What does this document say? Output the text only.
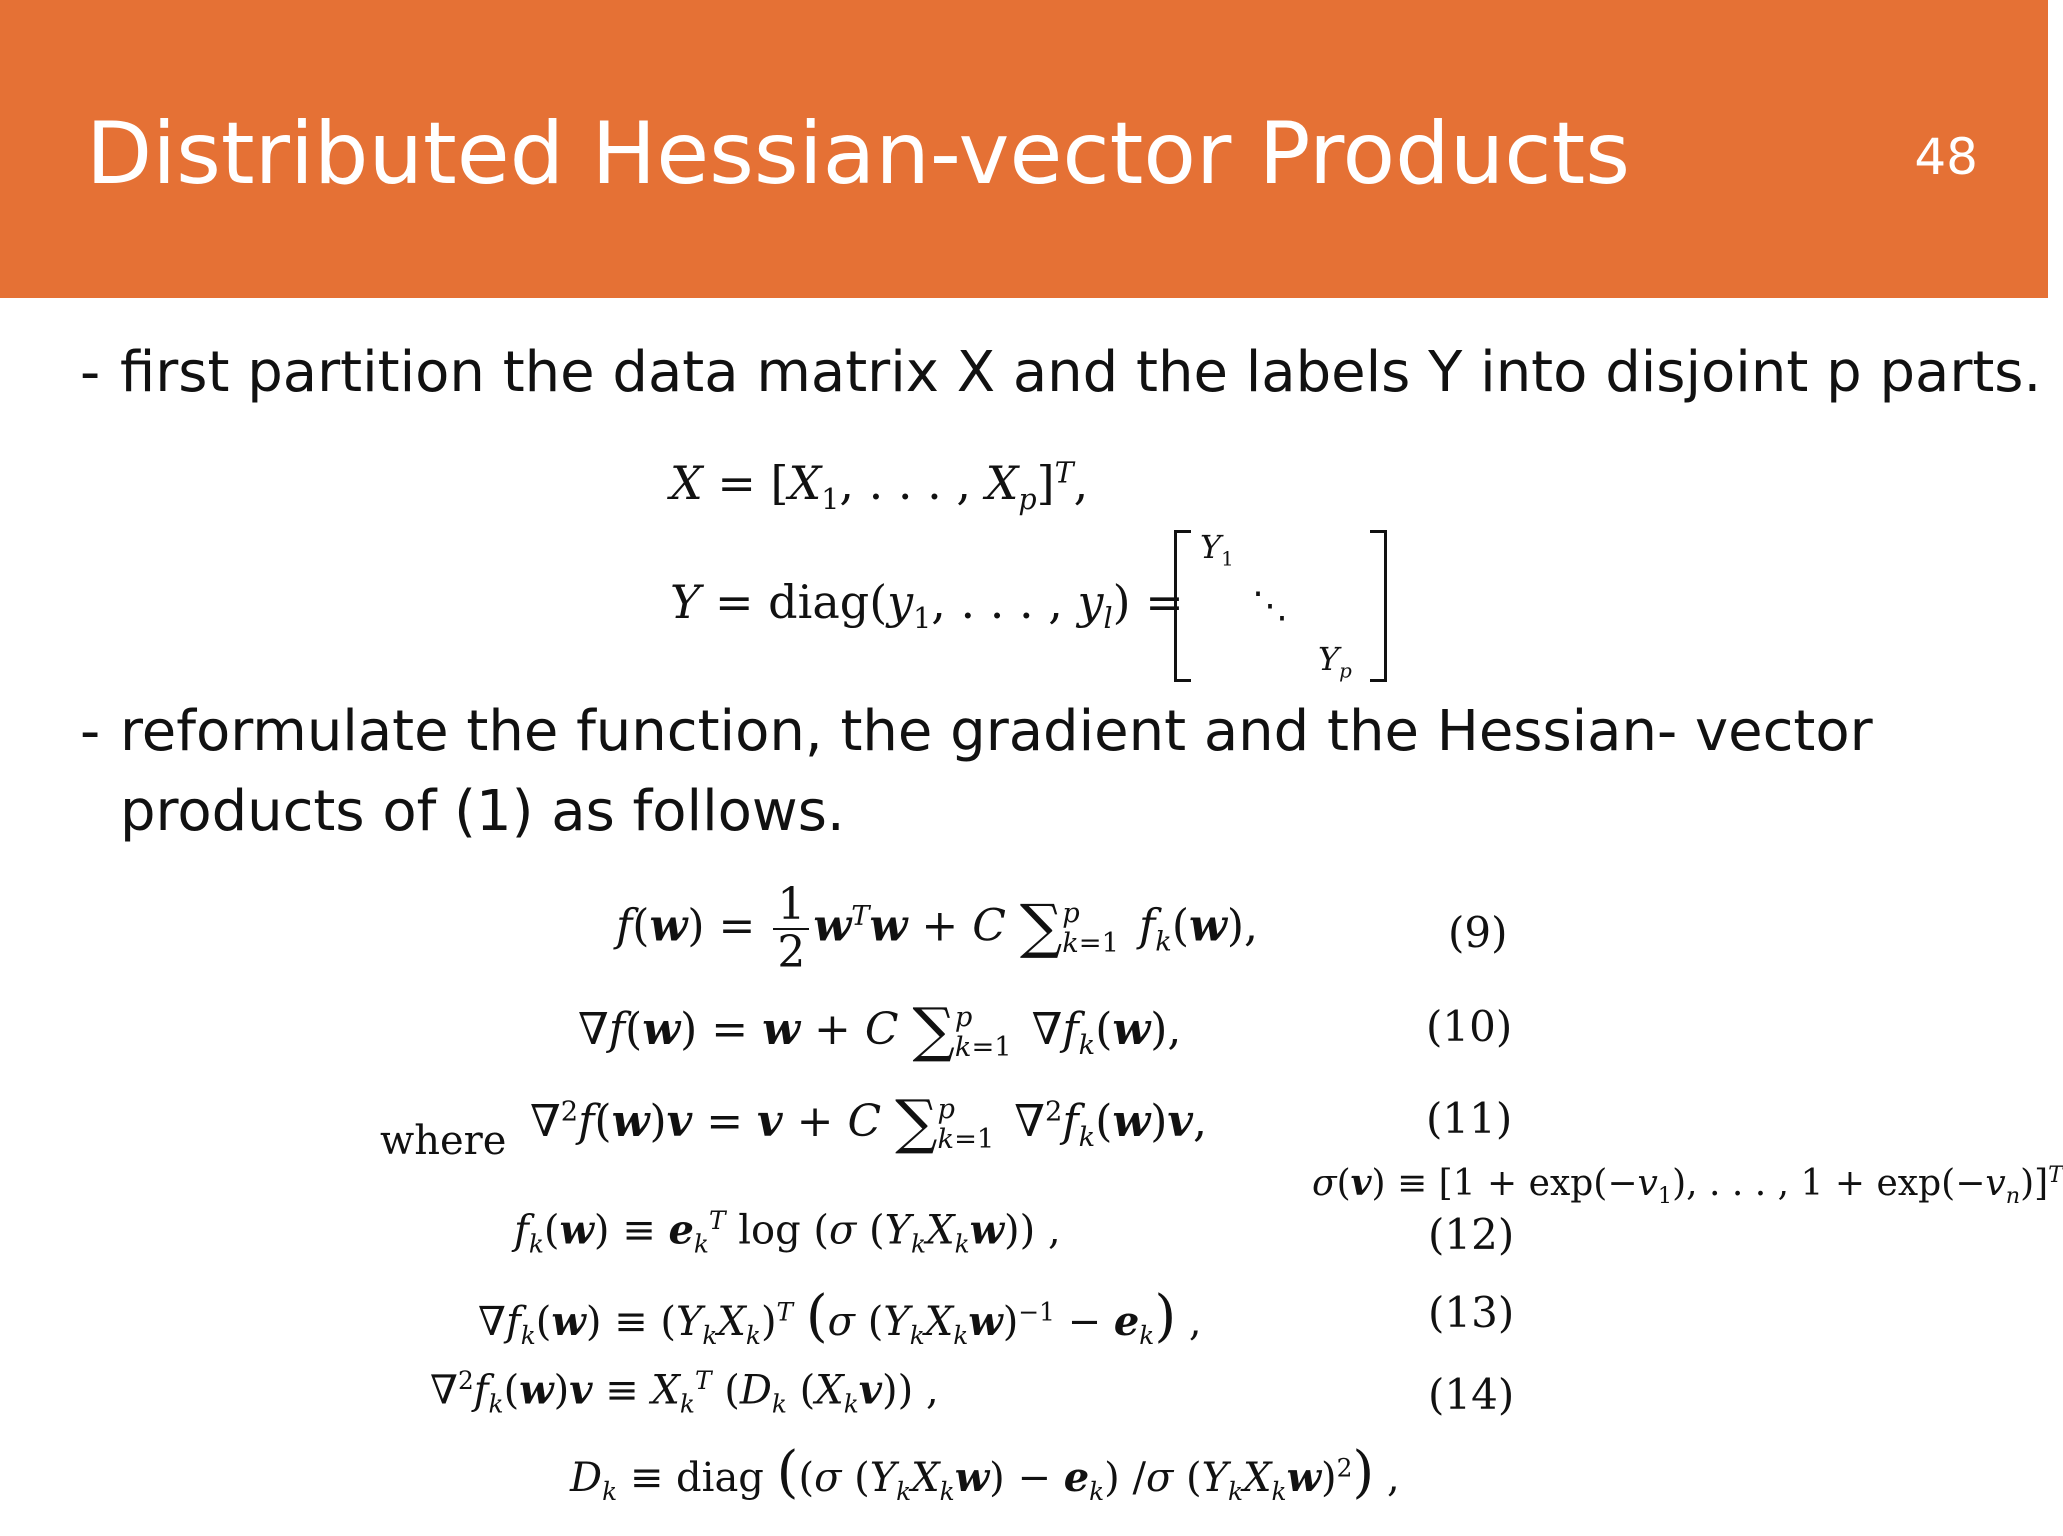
Distributed Hessian-vector Products	48
- first partition the data matrix X and the labels Y into disjoint p parts.
$X = [X_1$, . . . , $X_p]^T$,
$Y = diag(y_1$, . . . , $y_l$) =
$Y_1$
⋱
$Y_p$
- reformulate the function, the gradient and the Hessian- vector
products of (1) as follows.
$f(w) = \frac{1}{2} w^Tw + C$ ∑ p
k=1 $f_k(w)$,	(9)
∇f(w) = w + C ∑ p
k=1 $\nabla f_k(w)$,	(10)
where ∇$^2$f(w)v = v + C ∑ p
k=1 $\nabla^2f_k(w)v$,	(11)
$\sigma(v) \equiv [1 + \exp(-v_1)$, . . . , $1 + \exp(-v_n)]^T$
$f_k(w) \equiv e_k^T$ log (σ $(Y_kX_kw)$) ,	(12)
$\nabla f_k(w) \equiv (Y_kX_k)^T$ (σ $(Y_kX_kw)^{-1} - e_k$) ,	(13)
$\nabla^2f_k(w)v \equiv X_k^T$ ($D_k$ $(X_kv)$) ,	(14)
$D_k$ ≡ diag ((σ $(Y_kX_kw) - e_k$) /σ $(Y_kX_kw)^2$) ,
